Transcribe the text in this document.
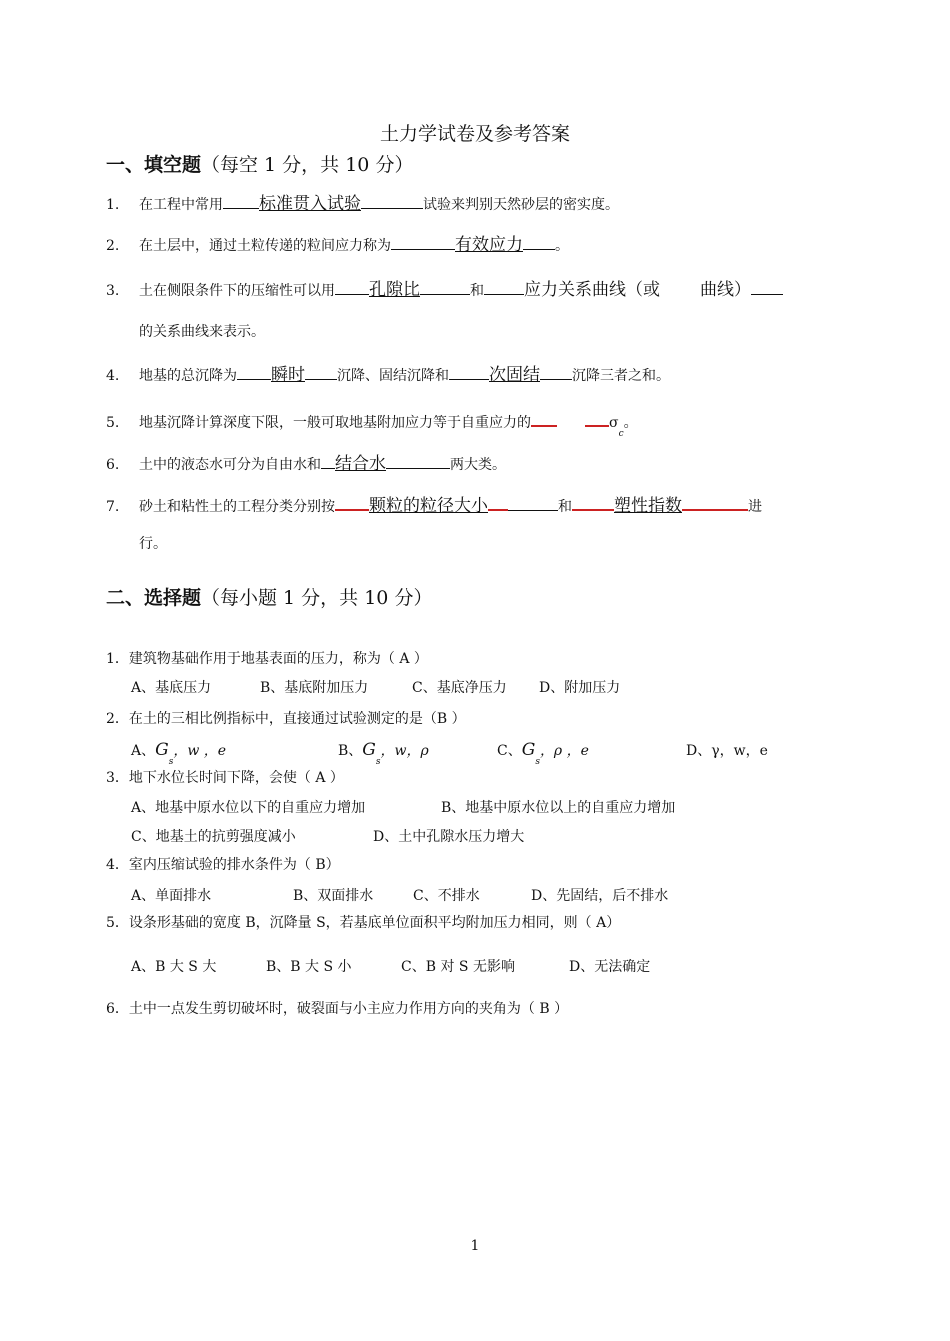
土力学试卷及参考答案
一、填空题（每空 1 分，共 10 分）
1. 在工程中常用 标准贯入试验	试验来判别天然砂层的密实度。
2. 在土层中，通过土粒传递的粒间应力称为	有效应力 。
3. 土在侧限条件下的压缩性可以用 孔隙比	和 应力关系曲线（或 曲线）
的关系曲线来表示。
4. 地基的总沉降为 瞬时 沉降、固结沉降和 次固结 沉降三者之和。
5. 地基沉降计算深度下限，一般可取地基附加应力等于自重应力的	$\sigma_c$。
6. 土中的液态水可分为自由水和 结合水	两大类。
7. 砂土和粘性土的工程分类分别按 颗粒的粒径大小	和 塑性指数	进
行。
二、选择题（每小题 1 分，共 10 分）
1．建筑物基础作用于地基表面的压力，称为（ A ）
A、基底压力	B、基底附加压力	C、基底净压力 D、附加压力
2．在土的三相比例指标中，直接通过试验测定的是（B ）
A、$G_s$，w ，e	B、$G_s$，w，ρ	C、$G_s$，ρ ，e	D、γ，w，e
3．地下水位长时间下降，会使（ A ）
A、地基中原水位以下的自重应力增加	B、地基中原水位以上的自重应力增加
C、地基土的抗剪强度减小	D、土中孔隙水压力增大
4．室内压缩试验的排水条件为（ B）
A、单面排水	B、双面排水	C、不排水	D、先固结，后不排水
5．设条形基础的宽度 B，沉降量 S，若基底单位面积平均附加压力相同，则（ A）
A、B 大 S 大	B、B 大 S 小	C、B 对 S 无影响	D、无法确定
6．土中一点发生剪切破坏时，破裂面与小主应力作用方向的夹角为（ B ）
1
